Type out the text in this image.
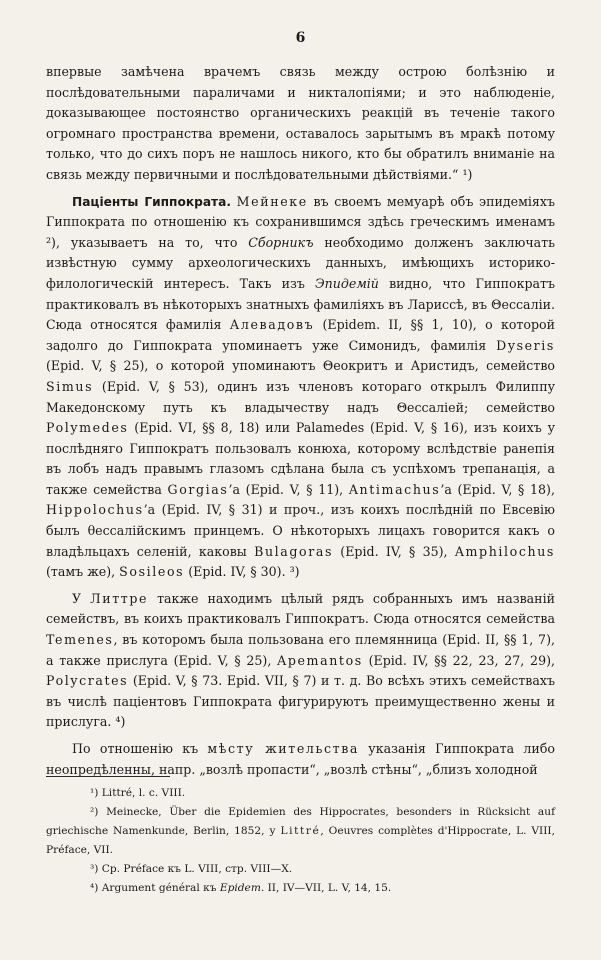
6

впервые замѣчена врачемъ связь между острою болѣзнію и послѣдовательными параличами и никталопіями; и это наблюденіе, доказывающее постоянство органическихъ реакцій въ теченіе такого огромнаго пространства времени, оставалось зарытымъ въ мракѣ потому только, что до сихъ поръ не нашлось никого, кто бы обратилъ вниманіе на связь между первичными и послѣдовательными дѣйствіями.“ ¹)

Пацiенты Гиппократа. Мейнеке въ своемъ мемуарѣ объ эпидеміяхъ Гиппократа по отношенію къ сохранившимся здѣсь греческимъ именамъ ²), указываетъ на то, что Сборникъ необходимо долженъ заключать извѣстную сумму археологическихъ данныхъ, имѣющихъ историко-филологическій интересъ. Такъ изъ Эпидемій видно, что Гиппократъ практиковалъ въ нѣкоторыхъ знатныхъ фамиліяхъ въ Лариссѣ, въ Θессаліи. Сюда относятся фамилія Алевадовъ (Epidem. II, §§ 1, 10), о которой задолго до Гиппократа упоминаетъ уже Симонидъ, фамилія Dyseris (Epid. V, § 25), о которой упоминаютъ Θеокритъ и Аристидъ, семейство Simus (Epid. V, § 53), одинъ изъ членовъ котораго открылъ Филиппу Македонскому путь къ владычеству надъ Θессаліей; семейство Polymedes (Epid. VI, §§ 8, 18) или Palamedes (Epid. V, § 16), изъ коихъ у послѣдняго Гиппократъ пользовалъ конюха, которому вслѣдствіе ранепія въ лобъ надъ правымъ глазомъ сдѣлана была съ успѣхомъ трепанація, а также семейства Gorgias’а (Epid. V, § 11), Antimachus’а (Epid. V, § 18), Hippolochus’а (Epid. IV, § 31) и проч., изъ коихъ послѣдній по Евсевію былъ θессалійскимъ принцемъ. О нѣкоторыхъ лицахъ говорится какъ о владѣльцахъ селеній, каковы Bulagoras (Epid. IV, § 35), Amphilochus (тамъ же), Sosileos (Epid. IV, § 30). ³)

У Литтре также находимъ цѣлый рядъ собранныхъ имъ названій семействъ, въ коихъ практиковалъ Гиппократъ. Сюда относятся семейства Temenes, въ которомъ была пользована его племянница (Epid. II, §§ 1, 7), а также прислуга (Epid. V, § 25), Apemantos (Epid. IV, §§ 22, 23, 27, 29), Polycrates (Epid. V, § 73. Epid. VII, § 7) и т. д. Во всѣхъ этихъ семействахъ въ числѣ паціентовъ Гиппократа фигурируютъ преимущественно жены и прислуга. ⁴)

По отношенію къ мѣсту жительства указанія Гиппократа либо неопредѣленны, напр. „возлѣ пропасти“, „возлѣ стѣны“, „близъ холодной

¹) Littré, l. c. VIII.

²) Meinecke, Über die Epidemien des Hippocrates, besonders in Rücksicht auf griechische Namenkunde, Berlin, 1852, у Littré, Oeuvres complètes d'Hippocrate, L. VIII, Préface, VII.

³) Ср. Préface къ L. VIII, стр. VIII—X.

⁴) Argument général къ Epidem. II, IV—VII, L. V, 14, 15.
